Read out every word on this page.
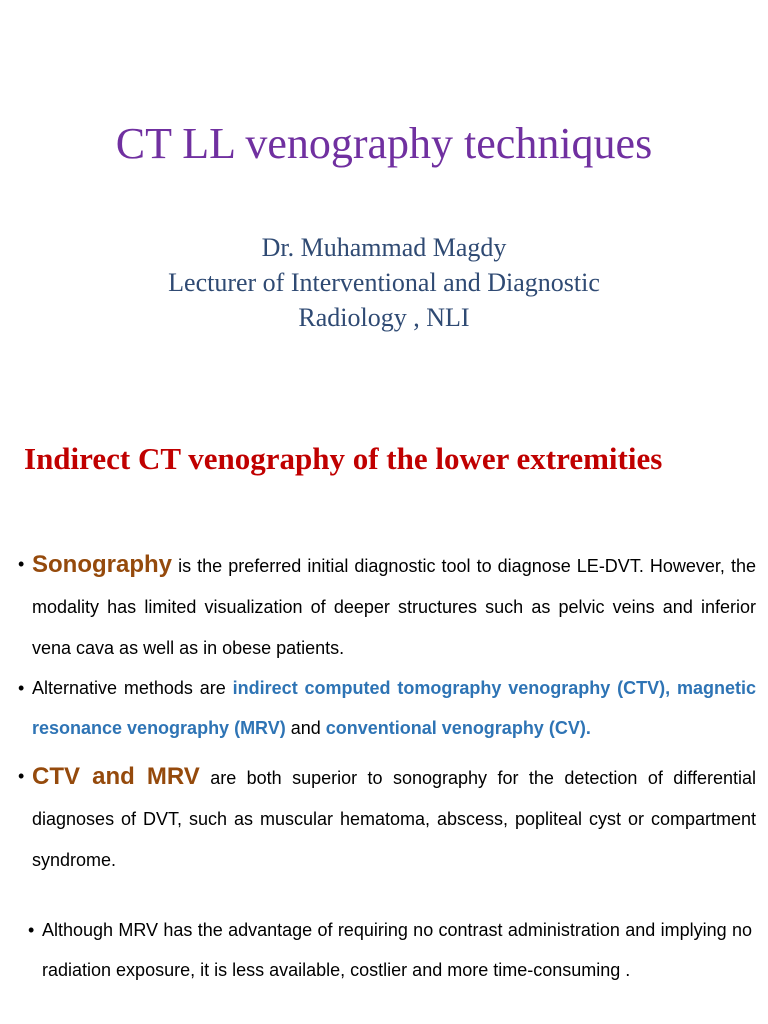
CT LL venography techniques
Dr. Muhammad Magdy
Lecturer of Interventional and Diagnostic
Radiology , NLI
Indirect CT venography of the lower extremities
• Sonography is the preferred initial diagnostic tool to diagnose LE-DVT. However, the modality has limited visualization of deeper structures such as pelvic veins and inferior vena cava as well as in obese patients.
• Alternative methods are indirect computed tomography venography (CTV), magnetic resonance venography (MRV) and conventional venography (CV).
• CTV and MRV are both superior to sonography for the detection of differential diagnoses of DVT, such as muscular hematoma, abscess, popliteal cyst or compartment syndrome.
• Although MRV has the advantage of requiring no contrast administration and implying no radiation exposure, it is less available, costlier and more time-consuming .
